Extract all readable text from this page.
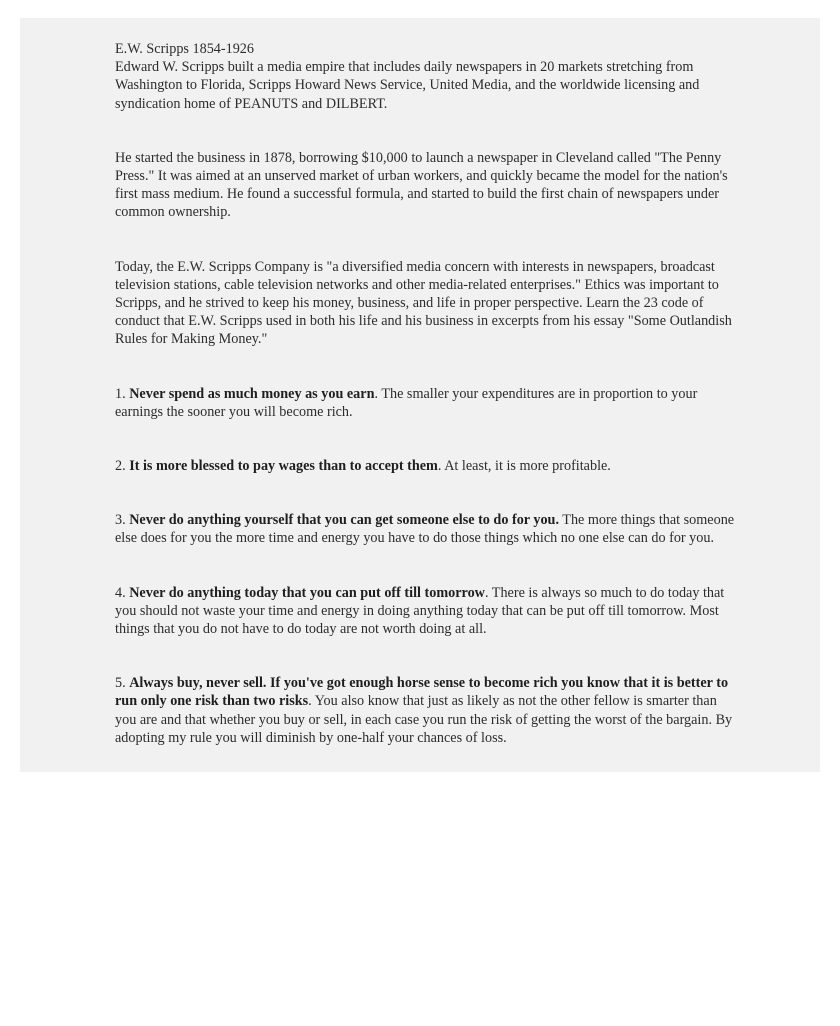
E.W. Scripps 1854-1926

Edward W. Scripps built a media empire that includes daily newspapers in 20 markets stretching from Washington to Florida, Scripps Howard News Service, United Media, and the worldwide licensing and syndication home of PEANUTS and DILBERT.

He started the business in 1878, borrowing $10,000 to launch a newspaper in Cleveland called "The Penny Press." It was aimed at an unserved market of urban workers, and quickly became the model for the nation's first mass medium. He found a successful formula, and started to build the first chain of newspapers under common ownership.

Today, the E.W. Scripps Company is "a diversified media concern with interests in newspapers, broadcast television stations, cable television networks and other media-related enterprises." Ethics was important to Scripps, and he strived to keep his money, business, and life in proper perspective. Learn the 23 code of conduct that E.W. Scripps used in both his life and his business in excerpts from his essay "Some Outlandish Rules for Making Money."

1. Never spend as much money as you earn. The smaller your expenditures are in proportion to your earnings the sooner you will become rich.

2. It is more blessed to pay wages than to accept them. At least, it is more profitable.

3. Never do anything yourself that you can get someone else to do for you. The more things that someone else does for you the more time and energy you have to do those things which no one else can do for you.

4. Never do anything today that you can put off till tomorrow. There is always so much to do today that you should not waste your time and energy in doing anything today that can be put off till tomorrow. Most things that you do not have to do today are not worth doing at all.

5. Always buy, never sell. If you've got enough horse sense to become rich you know that it is better to run only one risk than two risks. You also know that just as likely as not the other fellow is smarter than you are and that whether you buy or sell, in each case you run the risk of getting the worst of the bargain. By adopting my rule you will diminish by one-half your chances of loss.
